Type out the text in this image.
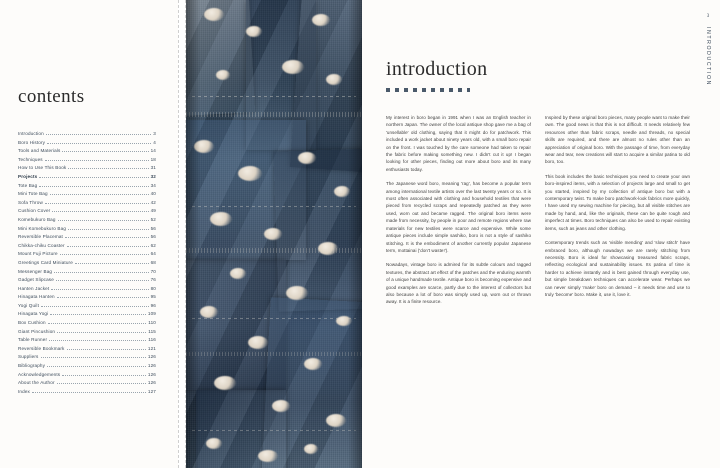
contents
Introduction	3
Boro History	4
Tools and Materials	14
Techniques	18
How to Use This Book	31
Projects	32
Tote Bag	34
Mini Tote Bag	40
Sofa Throw	42
Cushion Cover	49
Komebukuro Bag	52
Mini Komebukuro Bag	56
Reversible Placemat	56
Chikka-chiku Coaster	62
Mount Fuji Picture	64
Greetings Card Miniature	68
Messenger Bag	70
Gadget Slipcase	76
Hanten Jacket	80
Hinagata Hanten	95
Yogi Quilt	96
Hinagata Yogi	109
Box Cushion	110
Giant Pincushion	115
Table Runner	116
Reversible Bookmark	121
Suppliers	126
Bibliography	126
Acknowledgements	126
About the Author	126
Index	127
introduction

My interest in boro began in 1991 when I was an English teacher in northern Japan. The owner of the local antique shop gave me a bag of 'unsellable' old clothing, saying that it might do for patchwork. This included a work jacket about ninety years old, with a small boro repair on the front. I was touched by the care someone had taken to repair the fabric before making something new. I didn't cut it up! I began looking for other pieces, finding out more about boro and its many enthusiasts today.

The Japanese word boro, meaning 'rag', has become a popular term among international textile artists over the last twenty years or so. It is most often associated with clothing and household textiles that were pieced from recycled scraps and repeatedly patched as they were used, worn out and became ragged. The original boro items were made from necessity, by people in poor and remote regions where raw materials for new textiles were scarce and expensive. While some antique pieces include simple sashiko, boro is not a style of sashiko stitching. It is the embodiment of another currently popular Japanese term, mottainai ('don't waste!').

Nowadays, vintage boro is admired for its subtle colours and ragged textures, the abstract art effect of the patches and the enduring warmth of a unique handmade textile. Antique boro is becoming expensive and good examples are scarce, partly due to the interest of collectors but also because a lot of boro was simply used up, worn out or thrown away. It is a finite resource.

Inspired by these original boro pieces, many people want to make their own. The good news is that this is not difficult. It needs relatively few resources other than fabric scraps, needle and threads, no special skills are required, and there are almost no rules other than an appreciation of original boro. With the passage of time, from everyday wear and tear, new creations will start to acquire a similar patina to old boro, too.

This book includes the basic techniques you need to create your own boro-inspired items, with a selection of projects large and small to get you started, inspired by my collection of antique boro but with a contemporary twist. To make boro patchwork-look fabrics more quickly, I have used my sewing machine for piecing, but all visible stitches are made by hand, and, like the originals, these can be quite rough and imperfect at times. Boro techniques can also be used to repair existing items, such as jeans and other clothing.

Contemporary trends such as 'visible mending' and 'slow stitch' have embraced boro, although nowadays we are rarely stitching from necessity. Boro is ideal for showcasing treasured fabric scraps, reflecting ecological and sustainability issues. Its patina of time is harder to achieve instantly and is best gained through everyday use, but simple breakdown techniques can accelerate wear. Perhaps we can never simply 'make' boro on demand – it needs time and use to truly 'become' boro. Make it, use it, love it.

3
INTRODUCTION
